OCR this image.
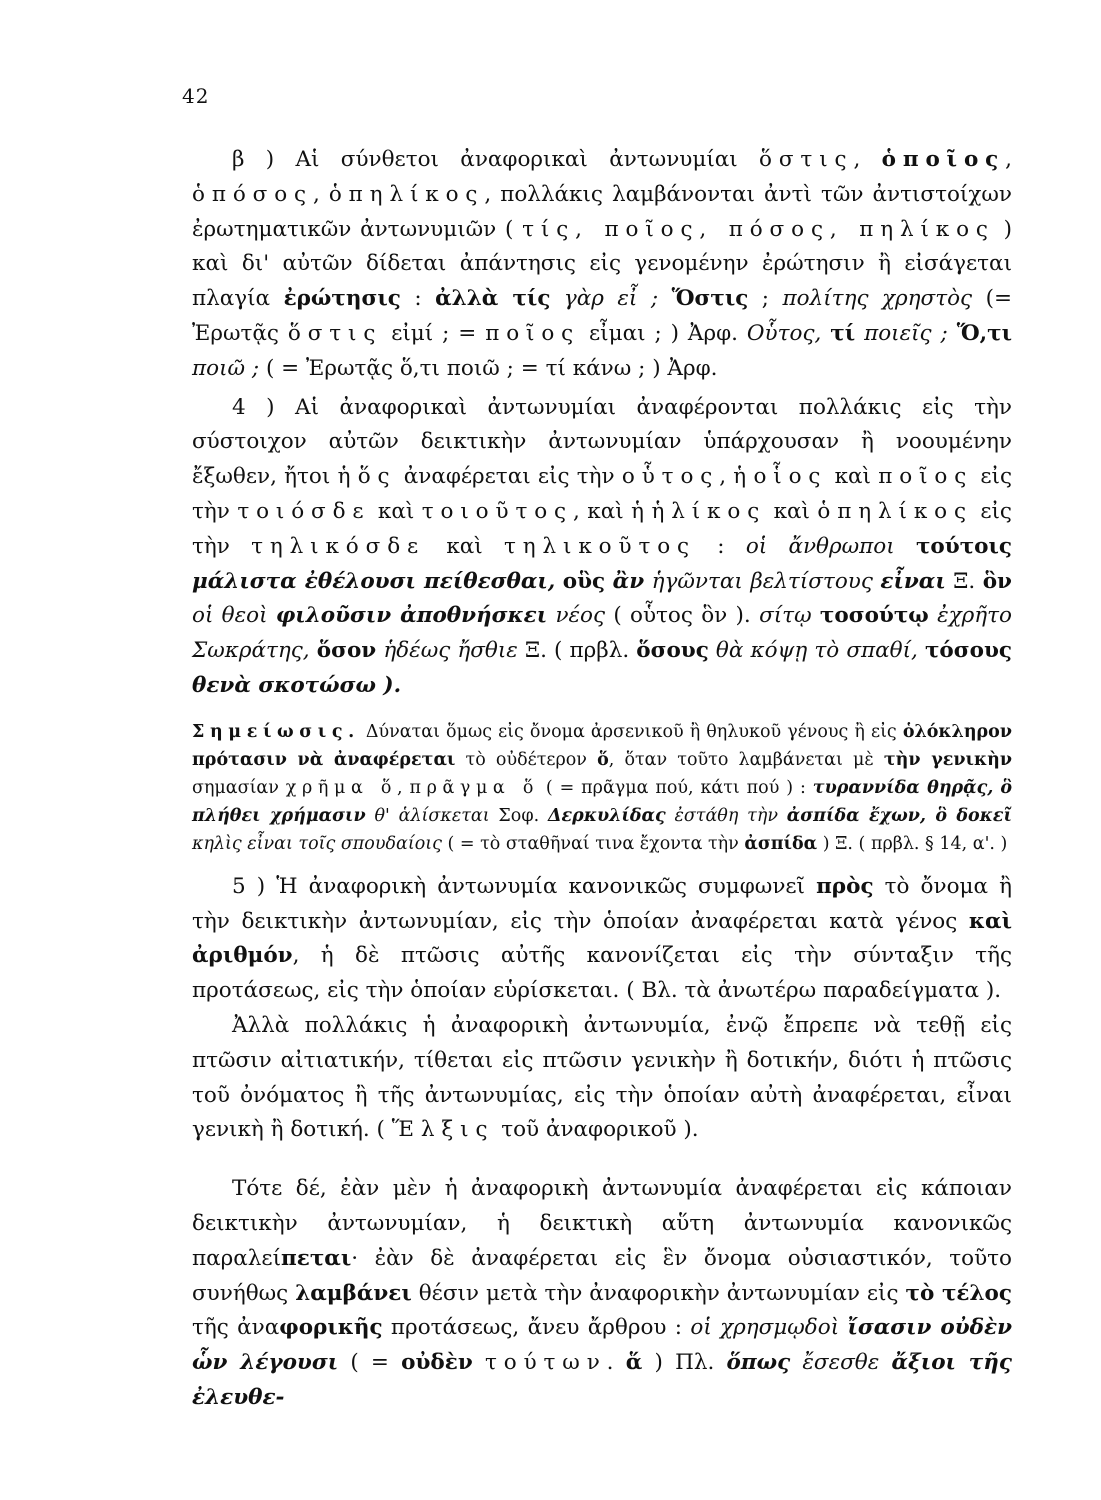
42

β ) Αἱ σύνθετοι ἀναφορικαὶ ἀντωνυμίαι ὅστις, ὁποῖος, ὁπόσος, ὁπηλίκος, πολλάκις λαμβάνονται ἀντὶ τῶν ἀντιστοίχων ἐρωτηματικῶν ἀντωνυμιῶν ( τίς, ποῖος, πόσος, πηλίκος ) καὶ δι' αὐτῶν δίδεται ἀπάντησις εἰς γενομένην ἐρώτησιν ἢ εἰσάγεται πλαγία ἐρώτησις : ἀλλὰ τίς γὰρ εἶ ; Ὅστις ; πολίτης χρηστὸς (= Ἐρωτᾷς ὅστις εἰμί ; = ποῖος εἶμαι ; ) Ἀρφ. Οὗτος, τί ποιεῖς ; Ὅ,τι ποιῶ ; ( = Ἐρωτᾷς ὅ,τι ποιῶ ; = τί κάνω ; ) Ἀρφ.

4 ) Αἱ ἀναφορικαὶ ἀντωνυμίαι ἀναφέρονται πολλάκις εἰς τὴν σύστοιχον αὐτῶν δεικτικὴν ἀντωνυμίαν ὑπάρχουσαν ἢ νοουμένην ἔξωθεν, ἤτοι ἡ ὅς ἀναφέρεται εἰς τὴν οὗτος, ἡ οἷος καὶ ποῖος εἰς τὴν τοιόσδε καὶ τοιοῦτος, καὶ ἡ ἡλίκος καὶ ὁπηλίκος εἰς τὴν τηλικόσδε καὶ τηλικοῦτος : οἱ ἄνθρωποι τούτοις μάλιστα ἐθέλουσι πείθεσθαι, οὓς ἂν ἡγῶνται βελτίστους εἶναι Ξ. ὃν οἱ θεοὶ φιλοῦσιν ἀποθνήσκει νέος ( οὗτος ὃν ). σίτῳ τοσούτῳ ἐχρῆτο Σωκράτης, ὅσον ἡδέως ἤσθιε Ξ. ( πρβλ. ὅσους θὰ κόψῃ τὸ σπαθί, τόσους θενὰ σκοτώσω ).

Σημείωσις. Δύναται ὅμως εἰς ὄνομα ἀρσενικοῦ ἢ θηλυκοῦ γένους ἢ εἰς ὁλόκληρον πρότασιν νὰ ἀναφέρεται τὸ οὐδέτερον ὅ, ὅταν τοῦτο λαμβάνεται μὲ τὴν γενικὴν σημασίαν χρῆμα ὅ, πρᾶγμα ὅ ( = πρᾶγμα πού, κάτι πού ) : τυραννίδα θηρᾷς, ὃ πλήθει χρήμασιν θ' ἁλίσκεται Σοφ. Δερκυλίδας ἐστάθη τὴν ἀσπίδα ἔχων, ὃ δοκεῖ κηλὶς εἶναι τοῖς σπουδαίοις ( = τὸ σταθῆναί τινα ἔχοντα τὴν ἀσπίδα ) Ξ. ( πρβλ. § 14, α'. )

5 ) Ἡ ἀναφορικὴ ἀντωνυμία κανονικῶς συμφωνεῖ πρὸς τὸ ὄνομα ἢ τὴν δεικτικὴν ἀντωνυμίαν, εἰς τὴν ὁποίαν ἀναφέρεται κατὰ γένος καὶ ἀριθμόν, ἡ δὲ πτῶσις αὐτῆς κανονίζεται εἰς τὴν σύνταξιν τῆς προτάσεως, εἰς τὴν ὁποίαν εὑρίσκεται. ( Βλ. τὰ ἀνωτέρω παραδείγματα ).

Ἀλλὰ πολλάκις ἡ ἀναφορικὴ ἀντωνυμία, ἐνῷ ἔπρεπε νὰ τεθῇ εἰς πτῶσιν αἰτιατικήν, τίθεται εἰς πτῶσιν γενικὴν ἢ δοτικήν, διότι ἡ πτῶσις τοῦ ὀνόματος ἢ τῆς ἀντωνυμίας, εἰς τὴν ὁποίαν αὐτὴ ἀναφέρεται, εἶναι γενικὴ ἢ δοτική. ( Ἕλξις τοῦ ἀναφορικοῦ ).

Τότε δέ, ἐὰν μὲν ἡ ἀναφορικὴ ἀντωνυμία ἀναφέρεται εἰς κάποιαν δεικτικὴν ἀντωνυμίαν, ἡ δεικτικὴ αὕτη ἀντωνυμία κανονικῶς παραλείπεται· ἐὰν δὲ ἀναφέρεται εἰς ἓν ὄνομα οὐσιαστικόν, τοῦτο συνήθως λαμβάνει θέσιν μετὰ τὴν ἀναφορικὴν ἀντωνυμίαν εἰς τὸ τέλος τῆς ἀναφορικῆς προτάσεως, ἄνευ ἄρθρου : οἱ χρησμῳδοὶ ἴσασιν οὐδὲν ὧν λέγουσι ( = οὐδὲν τούτων. ἅ ) Πλ. ὅπως ἔσεσθε ἄξιοι τῆς ἐλευθε-
